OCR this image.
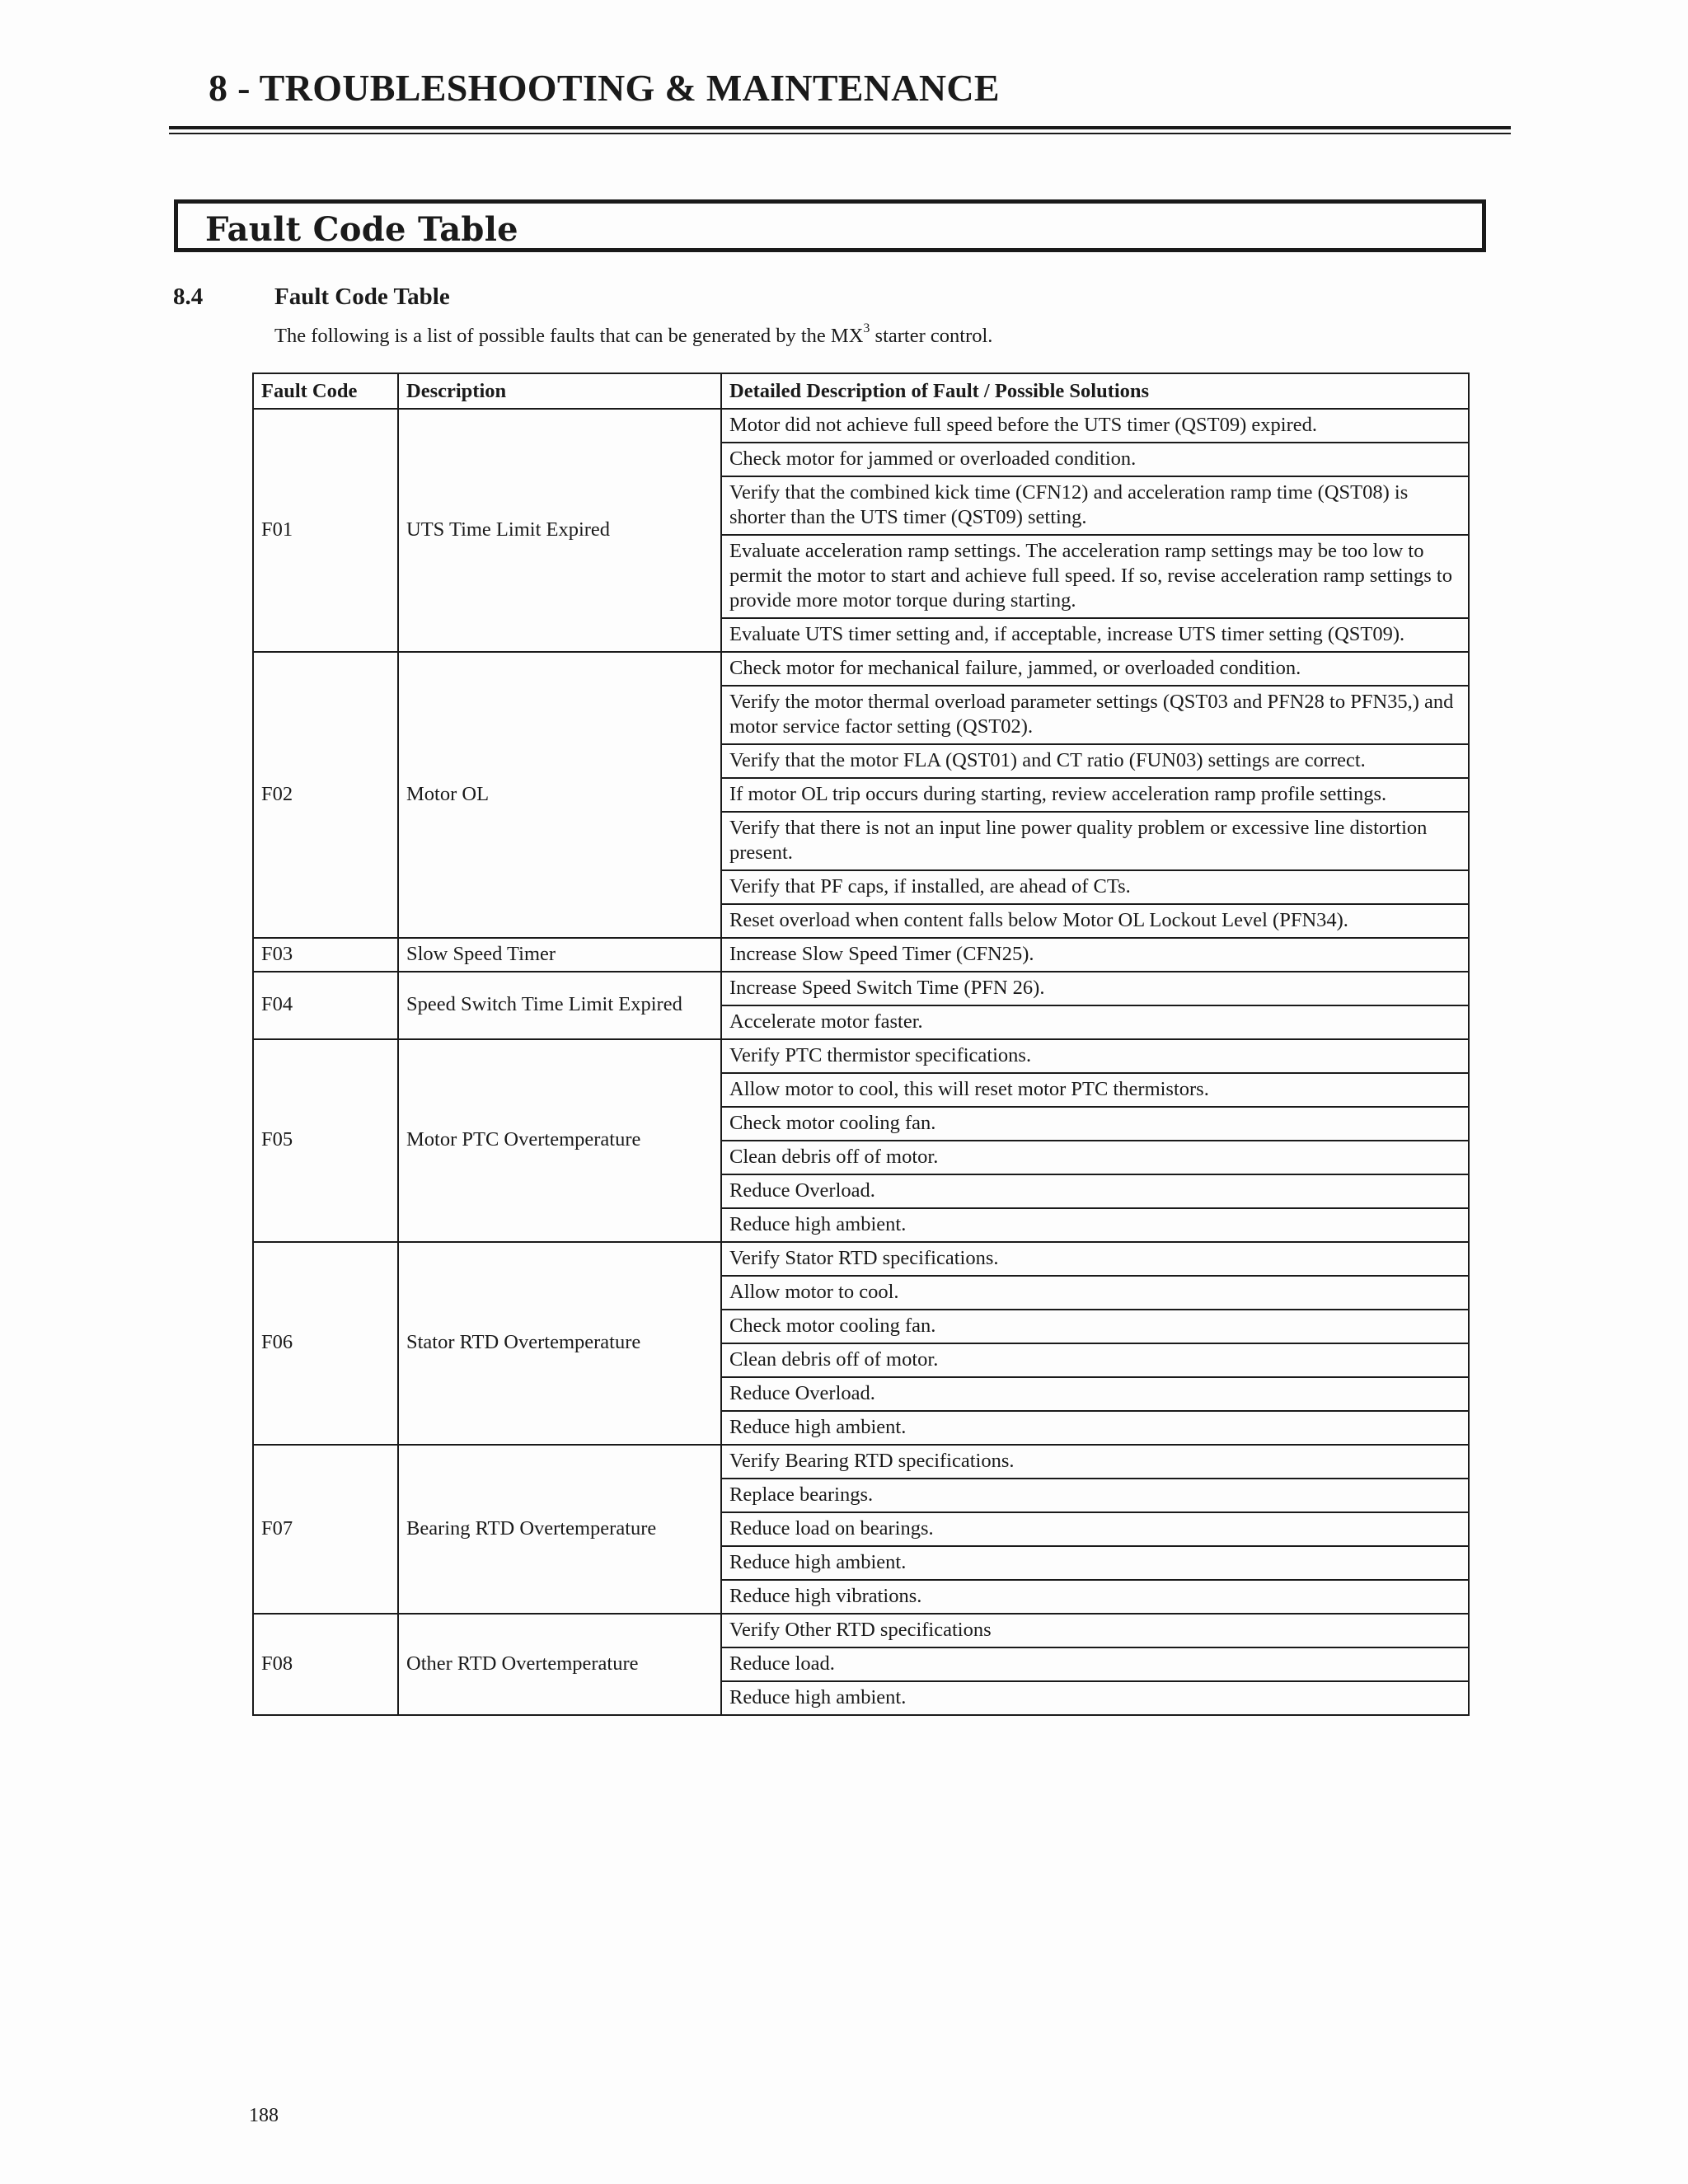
8 - TROUBLESHOOTING & MAINTENANCE
Fault Code Table
8.4	Fault Code Table
The following is a list of possible faults that can be generated by the $MX^3$ starter control.
Fault Code	Description	Detailed Description of Fault / Possible Solutions
F01	UTS Time Limit Expired	Motor did not achieve full speed before the UTS timer (QST09) expired.
		Check motor for jammed or overloaded condition.
		Verify that the combined kick time (CFN12) and acceleration ramp time (QST08) is shorter than the UTS timer (QST09) setting.
		Evaluate acceleration ramp settings. The acceleration ramp settings may be too low to permit the motor to start and achieve full speed. If so, revise acceleration ramp settings to provide more motor torque during starting.
		Evaluate UTS timer setting and, if acceptable, increase UTS timer setting (QST09).
F02	Motor OL	Check motor for mechanical failure, jammed, or overloaded condition.
		Verify the motor thermal overload parameter settings (QST03 and PFN28 to PFN35,) and motor service factor setting (QST02).
		Verify that the motor FLA (QST01) and CT ratio (FUN03) settings are correct.
		If motor OL trip occurs during starting, review acceleration ramp profile settings.
		Verify that there is not an input line power quality problem or excessive line distortion present.
		Verify that PF caps, if installed, are ahead of CTs.
		Reset overload when content falls below Motor OL Lockout Level (PFN34).
F03	Slow Speed Timer	Increase Slow Speed Timer (CFN25).
F04	Speed Switch Time Limit Expired	Increase Speed Switch Time (PFN 26).
		Accelerate motor faster.
F05	Motor PTC Overtemperature	Verify PTC thermistor specifications.
		Allow motor to cool, this will reset motor PTC thermistors.
		Check motor cooling fan.
		Clean debris off of motor.
		Reduce Overload.
		Reduce high ambient.
F06	Stator RTD Overtemperature	Verify Stator RTD specifications.
		Allow motor to cool.
		Check motor cooling fan.
		Clean debris off of motor.
		Reduce Overload.
		Reduce high ambient.
F07	Bearing RTD Overtemperature	Verify Bearing RTD specifications.
		Replace bearings.
		Reduce load on bearings.
		Reduce high ambient.
		Reduce high vibrations.
F08	Other RTD Overtemperature	Verify Other RTD specifications
		Reduce load.
		Reduce high ambient.
188
